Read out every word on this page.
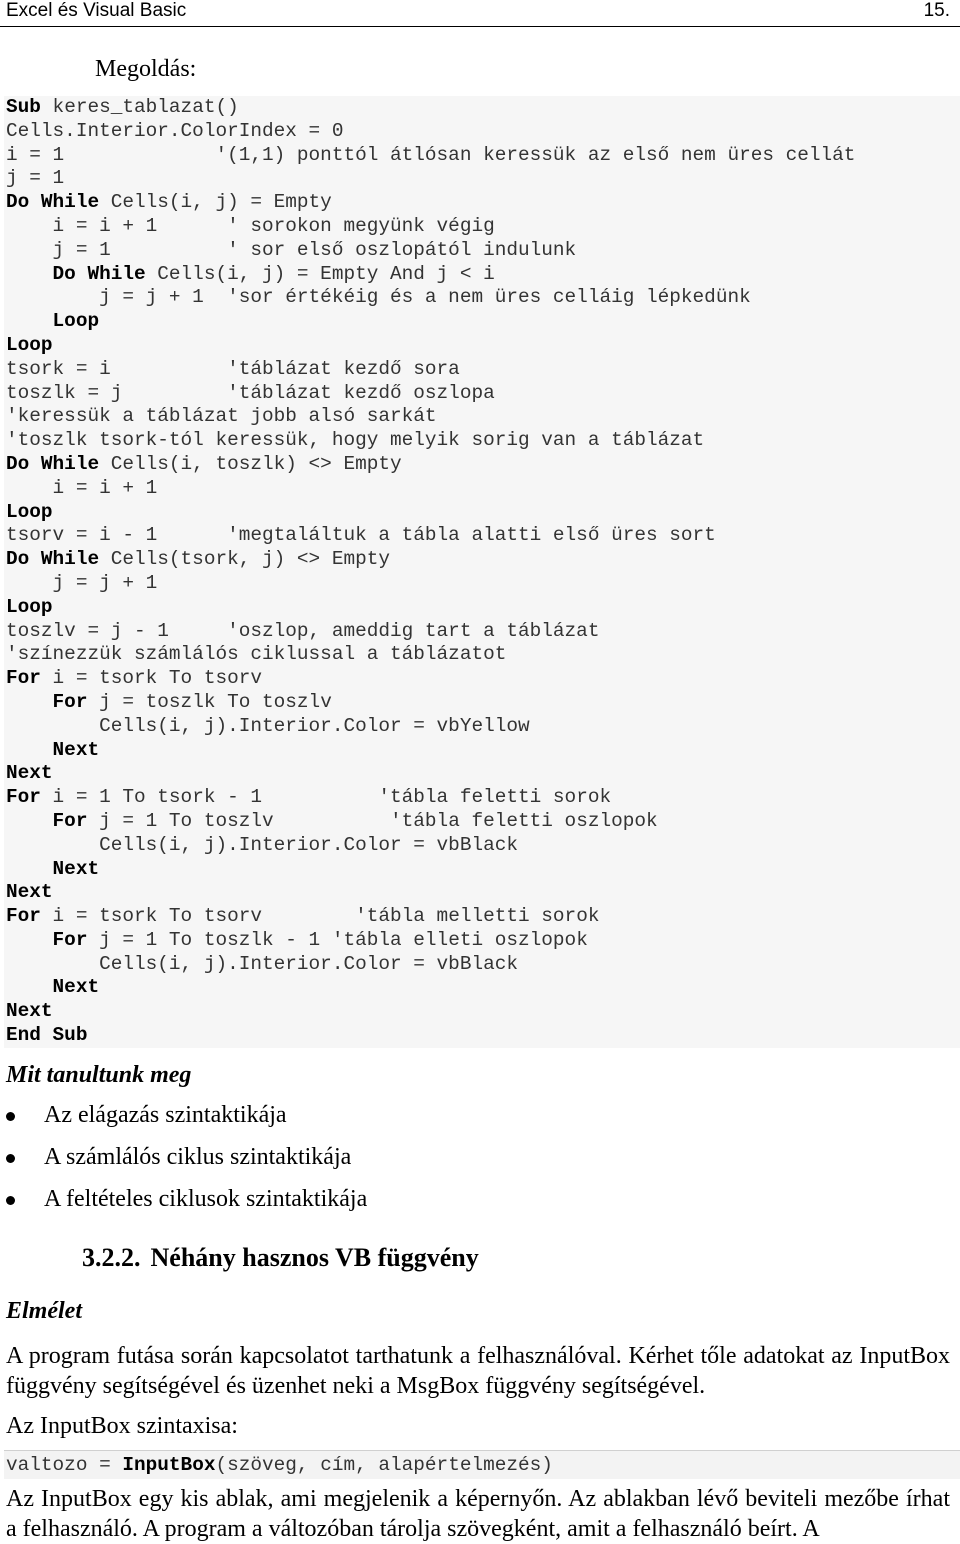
Excel és Visual Basic	15.
Megoldás:
Sub keres_tablazat()
Cells.Interior.ColorIndex = 0
i = 1             '(1,1) ponttól átlósan keressük az első nem üres cellát
j = 1
Do While Cells(i, j) = Empty
i = i + 1      ' sorokon megyünk végig
j = 1          ' sor első oszlopától indulunk
Do While Cells(i, j) = Empty And j < i
j = j + 1  'sor értékéig és a nem üres celláig lépkedünk
Loop
Loop
tsork = i          'táblázat kezdő sora
toszlk = j         'táblázat kezdő oszlopa
'keressük a táblázat jobb alsó sarkát
'toszlk tsork-tól keressük, hogy melyik sorig van a táblázat
Do While Cells(i, toszlk) <> Empty
i = i + 1
Loop
tsorv = i - 1      'megtaláltuk a tábla alatti első üres sort
Do While Cells(tsork, j) <> Empty
j = j + 1
Loop
toszlv = j - 1     'oszlop, ameddig tart a táblázat
'színezzük számlálós ciklussal a táblázatot
For i = tsork To tsorv
For j = toszlk To toszlv
Cells(i, j).Interior.Color = vbYellow
Next
Next
For i = 1 To tsork - 1          'tábla feletti sorok
For j = 1 To toszlv          'tábla feletti oszlopok
Cells(i, j).Interior.Color = vbBlack
Next
Next
For i = tsork To tsorv        'tábla melletti sorok
For j = 1 To toszlk - 1 'tábla elleti oszlopok
Cells(i, j).Interior.Color = vbBlack
Next
Next
End Sub
Mit tanultunk meg
Az elágazás szintaktikája
A számlálós ciklus szintaktikája
A feltételes ciklusok szintaktikája
3.2.2. Néhány hasznos VB függvény
Elmélet
A program futása során kapcsolatot tarthatunk a felhasználóval. Kérhet tőle adatokat az InputBox függvény segítségével és üzenhet neki a MsgBox függvény segítségével.
Az InputBox szintaxisa:
valtozo = InputBox(szöveg, cím, alapértelmezés)
Az InputBox egy kis ablak, ami megjelenik a képernyőn. Az ablakban lévő beviteli mezőbe írhat a felhasználó. A program a változóban tárolja szövegként, amit a felhasználó beírt. A
